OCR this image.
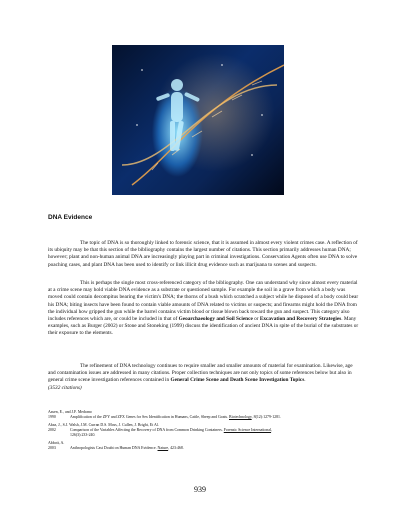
DNA Evidence

The topic of DNA is so thoroughly linked to forensic science, that it is assumed in almost every violent crimes case. A reflection of its ubiquity may be that this section of the bibliography contains the largest number of citations. This section primarily addresses human DNA; however; plant and non-human animal DNA are increasingly playing part in criminal investigations. Conservation Agents often use DNA to solve poaching cases, and plant DNA has been used to identify or link illicit drug evidence such as marijuana to scenes and suspects.

This is perhaps the single most cross-referenced category of the bibliography. One can understand why since almost every material at a crime scene may hold viable DNA evidence as a substrate or questioned sample. For example the soil in a grave from which a body was moved could contain decompitus bearing the victim's DNA; the thorns of a bush which scratched a subject while he disposed of a body could bear his DNA; biting insects have been found to contain viable amounts of DNA related to victims or suspects; and firearms might hold the DNA from the individual how gripped the gun while the barrel contains victim blood or tissue blown back toward the gun and suspect. This category also includes references which are, or could be included in that of Geoarchaeology and Soil Science or Excavation and Recovery Strategies. Many examples, such as Burger (2002) or Stone and Stoneking (1999) discuss the identification of ancient DNA in spite of the burial of the substrates or their exposure to the elements.

The refinement of DNA technology continues to require smaller and smaller amounts of material for examination. Likewise, age and contamination issues are addressed in many citations. Proper collection techniques are not only topics of some references below but also in general crime scene investigation references contained in General Crime Scene and Death Scene Investigation Topics.
(3532 citations)

Aasen, E., and J.F. Medrano
1990	Amplification of the ZFY and ZFX Genes for Sex Identification in Humans, Cattle, Sheep and Goats. Biotechnology, 8(12):1279-1281.
Abaz, J., S.J. Walsh, J.M. Curran D.S. Moss, J. Cullen, J. Bright, Et Al.
2002	Comparison of the Variables Affecting the Recovery of DNA from Common Drinking Containers. Forensic Science International,
126(3):233-240.
Abbott, A.
2003	Anthropologists Cast Doubt on Human DNA Evidence. Nature, 423:468.
939
